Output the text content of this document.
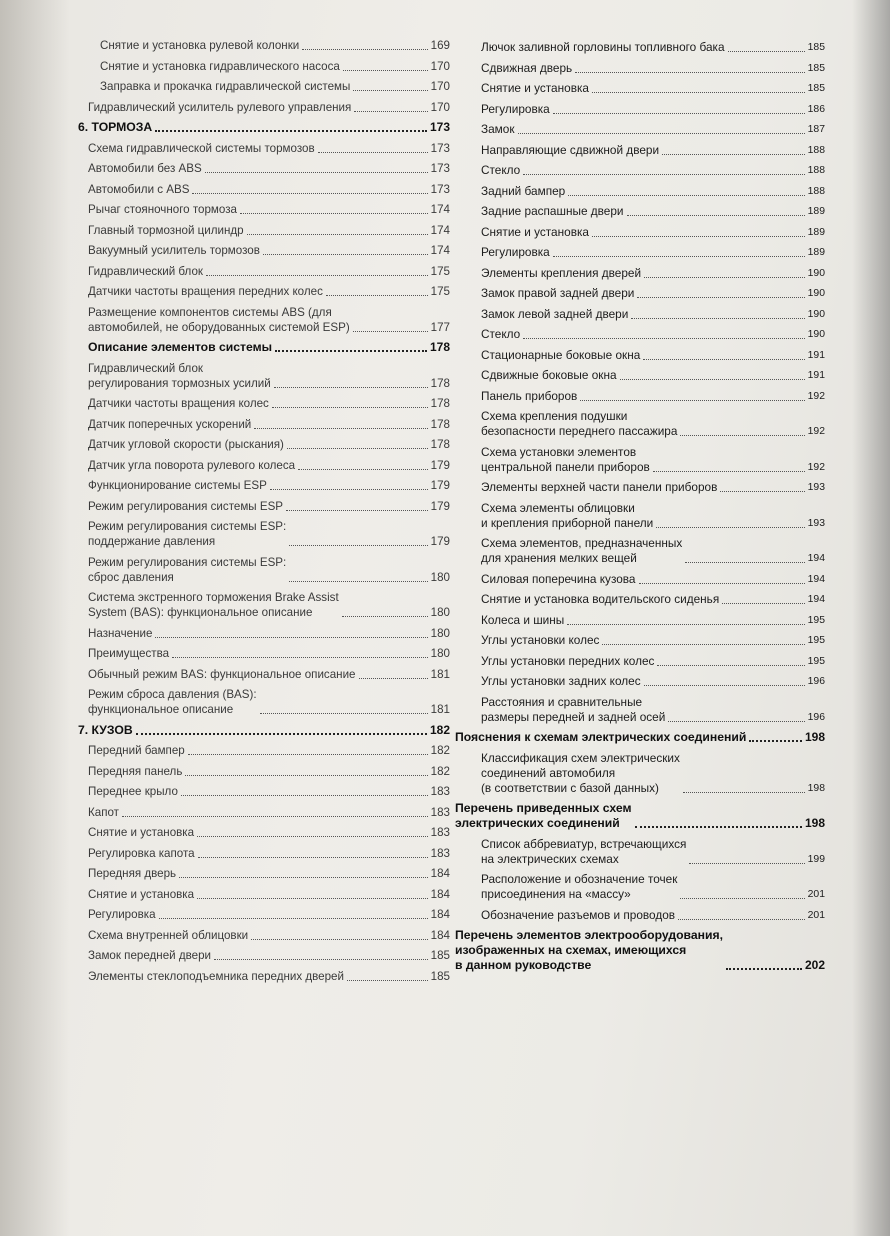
Снятие и установка рулевой колонки	169
Снятие и установка гидравлического насоса	170
Заправка и прокачка гидравлической системы	170
Гидравлический усилитель рулевого управления	170
6. ТОРМОЗА	173
Схема гидравлической системы тормозов	173
Автомобили без ABS	173
Автомобили с ABS	173
Рычаг стояночного тормоза	174
Главный тормозной цилиндр	174
Вакуумный усилитель тормозов	174
Гидравлический блок	175
Датчики частоты вращения передних колес	175
Размещение компонентов системы ABS (для
автомобилей, не оборудованных системой ESP)	177
Описание элементов системы	178
Гидравлический блок
регулирования тормозных усилий	178
Датчики частоты вращения колес	178
Датчик поперечных ускорений	178
Датчик угловой скорости (рыскания)	178
Датчик угла поворота рулевого колеса	179
Функционирование системы ESP	179
Режим регулирования системы ESP	179
Режим регулирования системы ESP:
поддержание давления	179
Режим регулирования системы ESP:
сброс давления	180
Система экстренного торможения Brake Assist
System (BAS): функциональное описание	180
Назначение	180
Преимущества	180
Обычный режим BAS: функциональное описание	181
Режим сброса давления (BAS):
функциональное описание	181
7. КУЗОВ	182
Передний бампер	182
Передняя панель	182
Переднее крыло	183
Капот	183
Снятие и установка	183
Регулировка капота	183
Передняя дверь	184
Снятие и установка	184
Регулировка	184
Схема внутренней облицовки	184
Замок передней двери	185
Элементы стеклоподъемника передних дверей	185
Лючок заливной горловины топливного бака	185
Сдвижная дверь	185
Снятие и установка	185
Регулировка	186
Замок	187
Направляющие сдвижной двери	188
Стекло	188
Задний бампер	188
Задние распашные двери	189
Снятие и установка	189
Регулировка	189
Элементы крепления дверей	190
Замок правой задней двери	190
Замок левой задней двери	190
Стекло	190
Стационарные боковые окна	191
Сдвижные боковые окна	191
Панель приборов	192
Схема крепления подушки
безопасности переднего пассажира	192
Схема установки элементов
центральной панели приборов	192
Элементы верхней части панели приборов	193
Схема элементы облицовки
и крепления приборной панели	193
Схема элементов, предназначенных
для хранения мелких вещей	194
Силовая поперечина кузова	194
Снятие и установка водительского сиденья	194
Колеса и шины	195
Углы установки колес	195
Углы установки передних колес	195
Углы установки задних колес	196
Расстояния и сравнительные
размеры передней и задней осей	196
Пояснения к схемам электрических соединений	198
Классификация схем электрических
соединений автомобиля
(в соответствии с базой данных)	198
Перечень приведенных схем
электрических соединений	198
Список аббревиатур, встречающихся
на электрических схемах	199
Расположение и обозначение точек
присоединения на «массу»	201
Обозначение разъемов и проводов	201
Перечень элементов электрооборудования,
изображенных на схемах, имеющихся
в данном руководстве	202
